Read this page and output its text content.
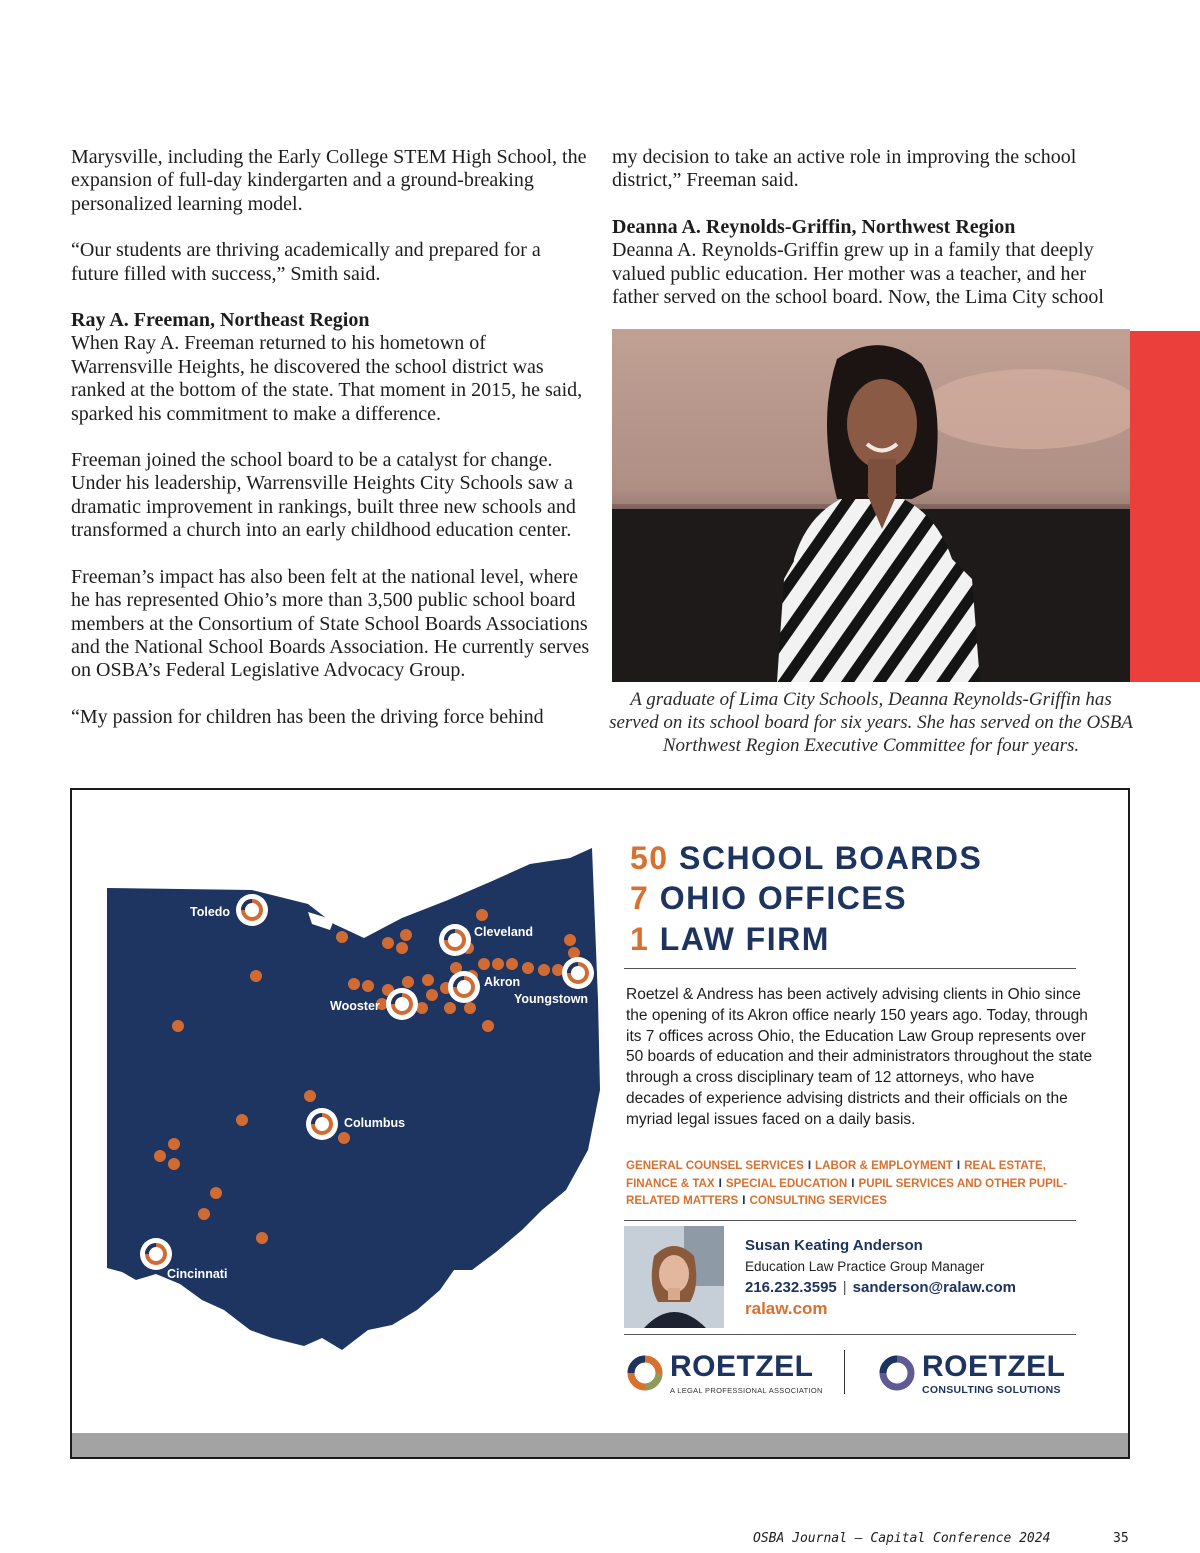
Marysville, including the Early College STEM High School, the expansion of full-day kindergarten and a ground-breaking personalized learning model.

“Our students are thriving academically and prepared for a future filled with success,” Smith said.

Ray A. Freeman, Northeast Region

When Ray A. Freeman returned to his hometown of Warrensville Heights, he discovered the school district was ranked at the bottom of the state. That moment in 2015, he said, sparked his commitment to make a difference.

Freeman joined the school board to be a catalyst for change. Under his leadership, Warrensville Heights City Schools saw a dramatic improvement in rankings, built three new schools and transformed a church into an early childhood education center.

Freeman’s impact has also been felt at the national level, where he has represented Ohio’s more than 3,500 public school board members at the Consortium of State School Boards Associations and the National School Boards Association. He currently serves on OSBA’s Federal Legislative Advocacy Group.

“My passion for children has been the driving force behind

my decision to take an active role in improving the school district,” Freeman said.

Deanna A. Reynolds-Griffin, Northwest Region

Deanna A. Reynolds-Griffin grew up in a family that deeply valued public education. Her mother was a teacher, and her father served on the school board. Now, the Lima City school

A graduate of Lima City Schools, Deanna Reynolds-Griffin has served on its school board for six years. She has served on the OSBA Northwest Region Executive Committee for four years.

Toledo
Cleveland
Akron
Youngstown
Wooster
Columbus
Cincinnati
50 SCHOOL BOARDS
7 OHIO OFFICES
1 LAW FIRM

Roetzel & Andress has been actively advising clients in Ohio since the opening of its Akron office nearly 150 years ago. Today, through its 7 offices across Ohio, the Education Law Group represents over 50 boards of education and their administrators throughout the state through a cross disciplinary team of 12 attorneys, who have decades of experience advising districts and their officials on the myriad legal issues faced on a daily basis.

GENERAL COUNSEL SERVICES I LABOR & EMPLOYMENT I REAL ESTATE, FINANCE & TAX I SPECIAL EDUCATION I PUPIL SERVICES AND OTHER PUPIL-RELATED MATTERS I CONSULTING SERVICES

Susan Keating Anderson
Education Law Practice Group Manager
216.232.3595 | sanderson@ralaw.com
ralaw.com
ROETZEL
A LEGAL PROFESSIONAL ASSOCIATION
ROETZEL
CONSULTING SOLUTIONS
OSBA Journal — Capital Conference 2024	35
